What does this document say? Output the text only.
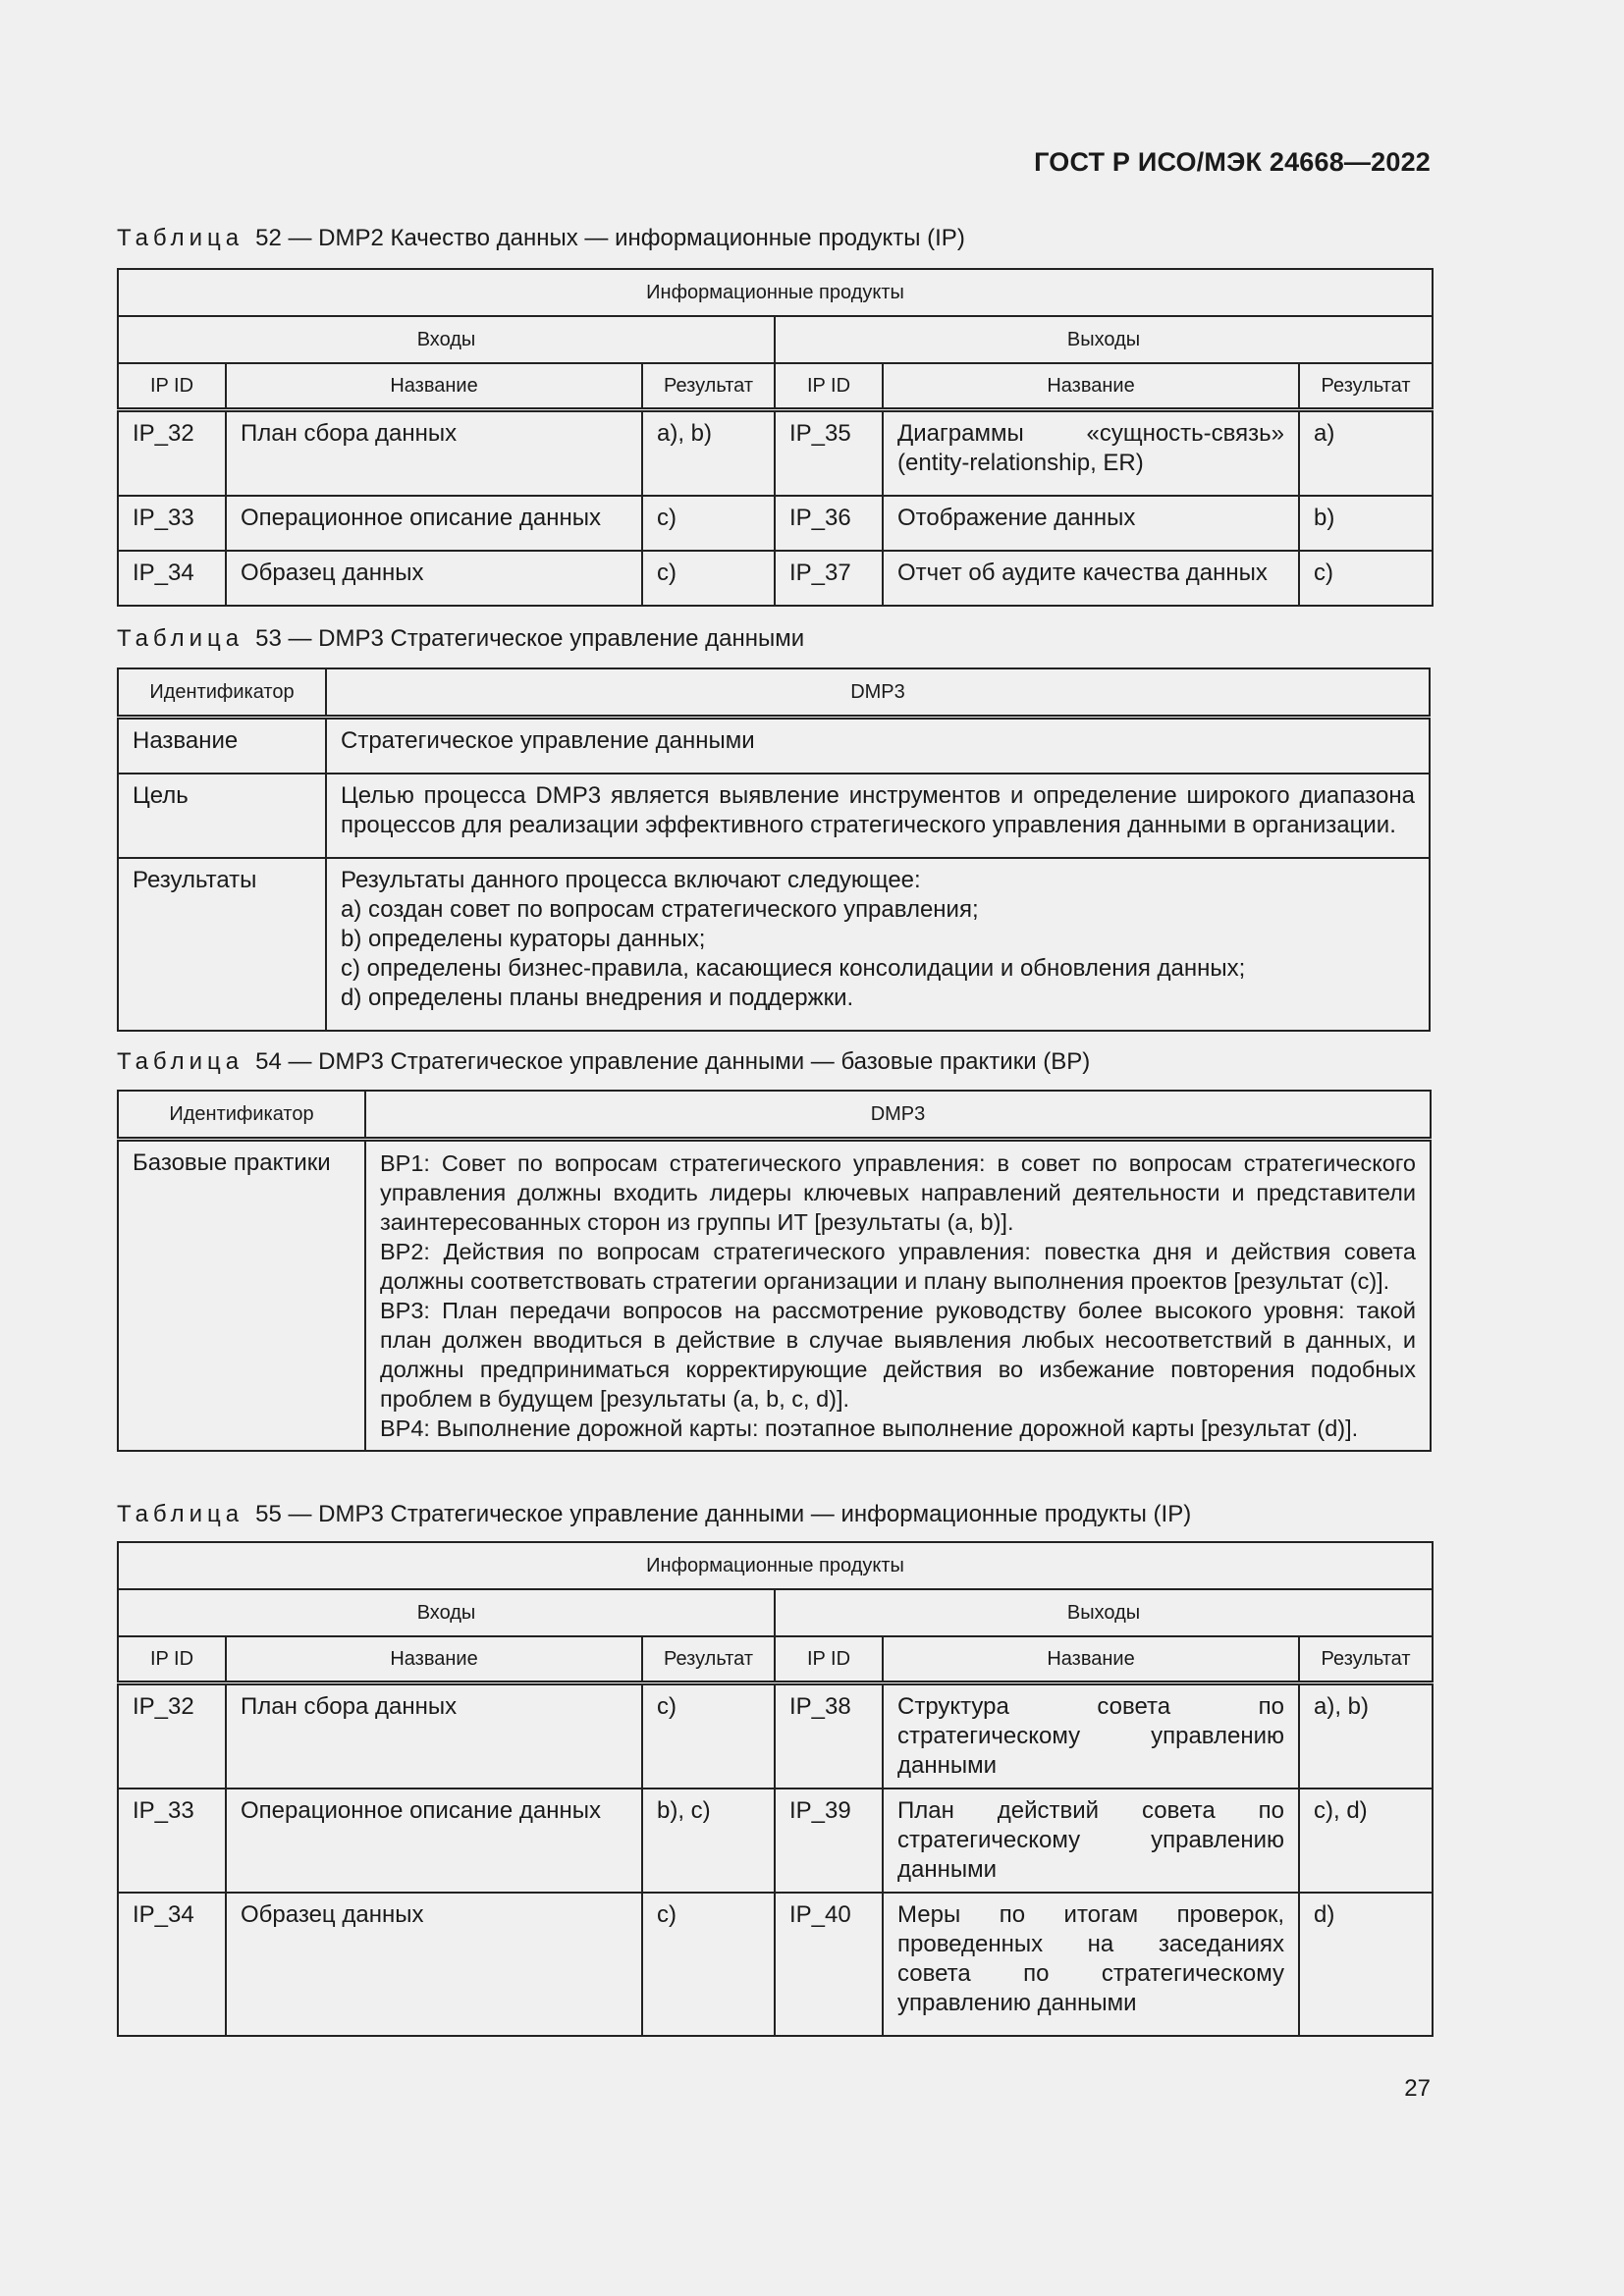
ГОСТ Р ИСО/МЭК 24668—2022
Таблица 52 — DMP2 Качество данных — информационные продукты (IP)
Информационные продукты					
Входы			Выходы		
IP ID	Название	Результат	IP ID	Название	Результат
IP_32	План сбора данных	a), b)	IP_35	Диаграммы «сущность-связь» (entity-relationship, ER)	a)
IP_33	Операционное описание данных	c)	IP_36	Отображение данных	b)
IP_34	Образец данных	c)	IP_37	Отчет об аудите качества данных	c)
Таблица 53 — DMP3 Стратегическое управление данными
Идентификатор	DMP3
Название	Стратегическое управление данными
Цель	Целью процесса DMP3 является выявление инструментов и определение широкого диапазона процессов для реализации эффективного стратегического управления данными в организации.
Результаты	Результаты данного процесса включают следующее:
a) создан совет по вопросам стратегического управления;
b) определены кураторы данных;
c) определены бизнес-правила, касающиеся консолидации и обновления данных;
d) определены планы внедрения и поддержки.
Таблица 54 — DMP3 Стратегическое управление данными — базовые практики (BP)
Идентификатор	DMP3
Базовые практики	BP1: Совет по вопросам стратегического управления: в совет по вопросам стратегического управления должны входить лидеры ключевых направлений деятельности и представители заинтересованных сторон из группы ИТ [результаты (a, b)].
BP2: Действия по вопросам стратегического управления: повестка дня и действия совета должны соответствовать стратегии организации и плану выполнения проектов [результат (c)].
BP3: План передачи вопросов на рассмотрение руководству более высокого уровня: такой план должен вводиться в действие в случае выявления любых несоответствий в данных, и должны предприниматься корректирующие действия во избежание повторения подобных проблем в будущем [результаты (a, b, c, d)].
BP4: Выполнение дорожной карты: поэтапное выполнение дорожной карты [результат (d)].
Таблица 55 — DMP3 Стратегическое управление данными — информационные продукты (IP)
Информационные продукты					
Входы			Выходы		
IP ID	Название	Результат	IP ID	Название	Результат
IP_32	План сбора данных	c)	IP_38	Структура совета по стратегическому управлению данными	a), b)
IP_33	Операционное описание данных	b), c)	IP_39	План действий совета по стратегическому управлению данными	c), d)
IP_34	Образец данных	c)	IP_40	Меры по итогам проверок, проведенных на заседаниях совета по стратегическому управлению данными	d)
27
